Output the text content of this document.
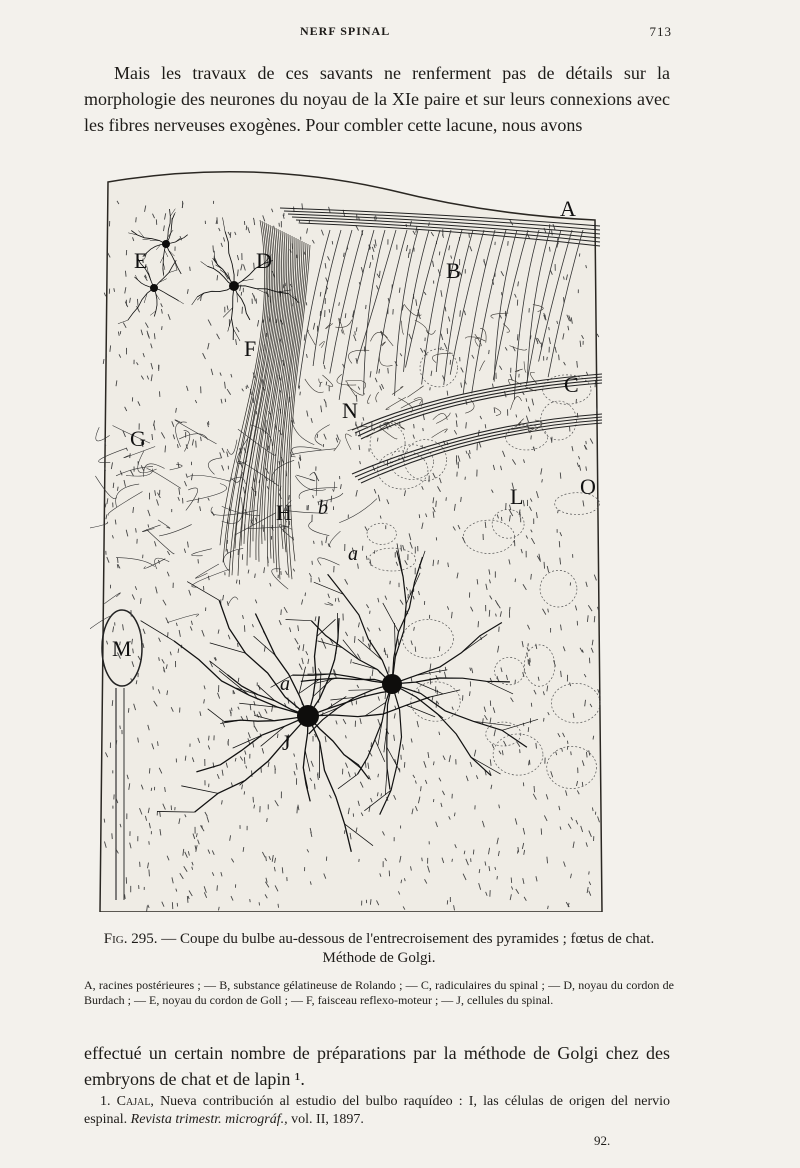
NERF SPINAL	713

Mais les travaux de ces savants ne renferment pas de détails sur la morphologie des neurones du noyau de la XIe paire et sur leurs connexions avec les fibres nerveuses exogènes. Pour combler cette lacune, nous avons

A
B
C
D
E
F
G
H
J
L
M
N
O
a
a
b
Fig. 295. — Coupe du bulbe au-dessous de l'entrecroisement des pyramides ; fœtus de chat. Méthode de Golgi.

A, racines postérieures ; — B, substance gélatineuse de Rolando ; — C, radiculaires du spinal ; — D, noyau du cordon de Burdach ; — E, noyau du cordon de Goll ; — F, faisceau reflexo-moteur ; — J, cellules du spinal.

effectué un certain nombre de préparations par la méthode de Golgi chez des embryons de chat et de lapin ¹.

1. Cajal, Nueva contribución al estudio del bulbo raquídeo : I, las células de origen del nervio espinal. Revista trimestr. micrográf., vol. II, 1897.

92.
